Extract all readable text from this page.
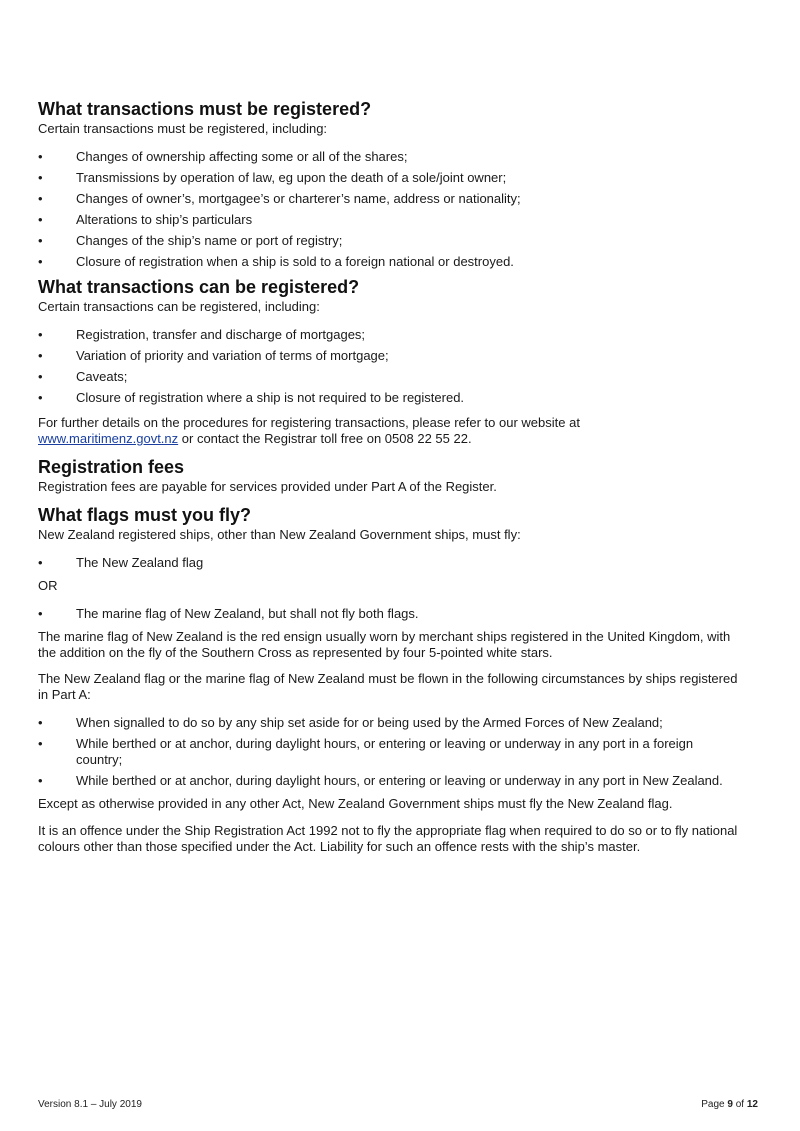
What transactions must be registered?

Certain transactions must be registered, including:

•	Changes of ownership affecting some or all of the shares;
•	Transmissions by operation of law, eg upon the death of a sole/joint owner;
•	Changes of owner’s, mortgagee’s or charterer’s name, address or nationality;
•	Alterations to ship’s particulars
•	Changes of the ship’s name or port of registry;
•	Closure of registration when a ship is sold to a foreign national or destroyed.
What transactions can be registered?

Certain transactions can be registered, including:

•	Registration, transfer and discharge of mortgages;
•	Variation of priority and variation of terms of mortgage;
•	Caveats;
•	Closure of registration where a ship is not required to be registered.

For further details on the procedures for registering transactions, please refer to our website at
www.maritimenz.govt.nz or contact the Registrar toll free on 0508 22 55 22.

Registration fees

Registration fees are payable for services provided under Part A of the Register.

What flags must you fly?

New Zealand registered ships, other than New Zealand Government ships, must fly:

•	The New Zealand flag

OR

•	The marine flag of New Zealand, but shall not fly both flags.

The marine flag of New Zealand is the red ensign usually worn by merchant ships registered in the United Kingdom, with the addition on the fly of the Southern Cross as represented by four 5-pointed white stars.

The New Zealand flag or the marine flag of New Zealand must be flown in the following circumstances by ships registered in Part A:

•	When signalled to do so by any ship set aside for or being used by the Armed Forces of New Zealand;
•	While berthed or at anchor, during daylight hours, or entering or leaving or underway in any port in a foreign country;
•	While berthed or at anchor, during daylight hours, or entering or leaving or underway in any port in New Zealand.

Except as otherwise provided in any other Act, New Zealand Government ships must fly the New Zealand flag.

It is an offence under the Ship Registration Act 1992 not to fly the appropriate flag when required to do so or to fly national colours other than those specified under the Act. Liability for such an offence rests with the ship’s master.

Version 8.1 – July 2019	Page 9 of 12
